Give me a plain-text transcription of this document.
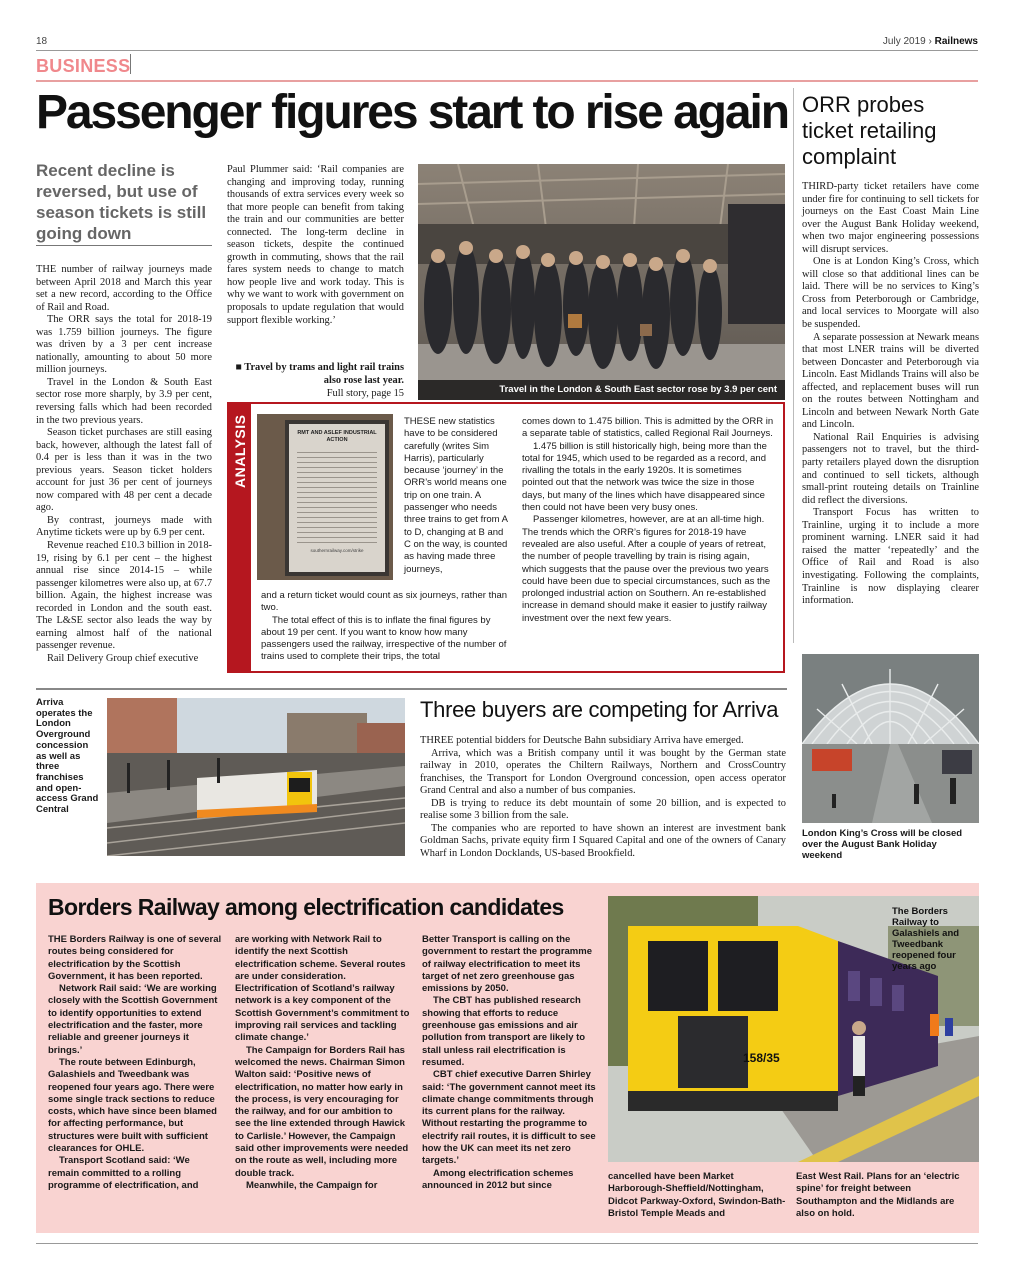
18	July 2019 › Railnews
BUSINESS
Passenger figures start to rise again
Recent decline is reversed, but use of season tickets is still going down

THE number of railway journeys made between April 2018 and March this year set a new record, according to the Office of Rail and Road.

The ORR says the total for 2018-19 was 1.759 billion journeys. The figure was driven by a 3 per cent increase nationally, amounting to about 50 more million journeys.

Travel in the London & South East sector rose more sharply, by 3.9 per cent, reversing falls which had been recorded in the two previous years.

Season ticket purchases are still easing back, however, although the latest fall of 0.4 per is less than it was in the two previous years. Season ticket holders account for just 36 per cent of journeys now compared with 48 per cent a decade ago.

By contrast, journeys made with Anytime tickets were up by 6.9 per cent.

Revenue reached £10.3 billion in 2018-19, rising by 6.1 per cent – the highest annual rise since 2014-15 – while passenger kilometres were also up, at 67.7 billion. Again, the highest increase was recorded in London and the south east. The L&SE sector also leads the way by earning almost half of the national passenger revenue.

Rail Delivery Group chief executive

Paul Plummer said: ‘Rail companies are changing and improving today, running thousands of extra services every week so that more people can benefit from taking the train and our communities are better connected. The long-term decline in season tickets, despite the continued growth in commuting, shows that the rail fares system needs to change to match how people live and work today. This is why we want to work with government on proposals to update regulation that would support flexible working.’

■ Travel by trams and light rail trains also rose last year.
Full story, page 15	Travel in the London & South East sector rose by 3.9 per cent
ANALYSIS	RMT AND ASLEF INDUSTRIAL ACTION
southernrailway.com/strike
THESE new statistics have to be considered carefully (writes Sim Harris), particularly because ‘journey’ in the ORR’s world means one trip on one train. A passenger who needs three trains to get from A to D, changing at B and C on the way, is counted as having made three journeys,

and a return ticket would count as six journeys, rather than two.

The total effect of this is to inflate the final figures by about 19 per cent. If you want to know how many passengers used the railway, irrespective of the number of trains used to complete their trips, the total

comes down to 1.475 billion. This is admitted by the ORR in a separate table of statistics, called Regional Rail Journeys.

1.475 billion is still historically high, being more than the total for 1945, which used to be regarded as a record, and rivalling the totals in the early 1920s. It is sometimes pointed out that the network was twice the size in those days, but many of the lines which have disappeared since then could not have been very busy ones.

Passenger kilometres, however, are at an all-time high. The trends which the ORR’s figures for 2018-19 have revealed are also useful. After a couple of years of retreat, the number of people travelling by train is rising again, which suggests that the pause over the previous two years could have been due to special circumstances, such as the prolonged industrial action on Southern. An re-established increase in demand should make it easier to justify railway investment over the next few years.

ORR probes ticket retailing complaint

THIRD-party ticket retailers have come under fire for continuing to sell tickets for journeys on the East Coast Main Line over the August Bank Holiday weekend, when two major engineering possessions will disrupt services.

One is at London King’s Cross, which will close so that additional lines can be laid. There will be no services to King’s Cross from Peterborough or Cambridge, and local services to Moorgate will also be suspended.

A separate possession at Newark means that most LNER trains will be diverted between Doncaster and Peterborough via Lincoln. East Midlands Trains will also be affected, and replacement buses will run on the routes between Nottingham and Lincoln and between Newark North Gate and Lincoln.

National Rail Enquiries is advising passengers not to travel, but the third-party retailers played down the disruption and continued to sell tickets, although small-print routeing details on Trainline did reflect the diversions.

Transport Focus has written to Trainline, urging it to include a more prominent warning. LNER said it had raised the matter ‘repeatedly’ and the Office of Rail and Road is also investigating. Following the complaints, Trainline is now displaying clearer information.

London King’s Cross will be closed over the August Bank Holiday weekend
Arriva operates the London Overground concession as well as three franchises and open-access Grand Central
Three buyers are competing for Arriva

THREE potential bidders for Deutsche Bahn subsidiary Arriva have emerged.

Arriva, which was a British company until it was bought by the German state railway in 2010, operates the Chiltern Railways, Northern and CrossCountry franchises, the Transport for London Overground concession, open access operator Grand Central and also a number of bus companies.

DB is trying to reduce its debt mountain of some 20 billion, and is expected to realise some 3 billion from the sale.

The companies who are reported to have shown an interest are investment bank Goldman Sachs, private equity firm I Squared Capital and one of the owners of Canary Wharf in London Docklands, US-based Brookfield.

Borders Railway among electrification candidates

THE Borders Railway is one of several routes being considered for electrification by the Scottish Government, it has been reported.

Network Rail said: ‘We are working closely with the Scottish Government to identify opportunities to extend electrification and the faster, more reliable and greener journeys it brings.’

The route between Edinburgh, Galashiels and Tweedbank was reopened four years ago. There were some single track sections to reduce costs, which have since been blamed for affecting performance, but structures were built with sufficient clearances for OHLE.

Transport Scotland said: ‘We remain committed to a rolling programme of electrification, and

are working with Network Rail to identify the next Scottish electrification scheme. Several routes are under consideration. Electrification of Scotland’s railway network is a key component of the Scottish Government’s commitment to improving rail services and tackling climate change.’

The Campaign for Borders Rail has welcomed the news. Chairman Simon Walton said: ‘Positive news of electrification, no matter how early in the process, is very encouraging for the railway, and for our ambition to see the line extended through Hawick to Carlisle.’ However, the Campaign said other improvements were needed on the route as well, including more double track.

Meanwhile, the Campaign for

Better Transport is calling on the government to restart the programme of railway electrification to meet its target of net zero greenhouse gas emissions by 2050.

The CBT has published research showing that efforts to reduce greenhouse gas emissions and air pollution from transport are likely to stall unless rail electrification is resumed.

CBT chief executive Darren Shirley said: ‘The government cannot meet its climate change commitments through its current plans for the railway. Without restarting the programme to electrify rail routes, it is difficult to see how the UK can meet its net zero targets.’

Among electrification schemes announced in 2012 but since

158/35
The Borders Railway to Galashiels and Tweedbank reopened four years ago

cancelled have been Market Harborough-Sheffield/Nottingham, Didcot Parkway-Oxford, Swindon-Bath-Bristol Temple Meads and

East West Rail. Plans for an ‘electric spine’ for freight between Southampton and the Midlands are also on hold.
